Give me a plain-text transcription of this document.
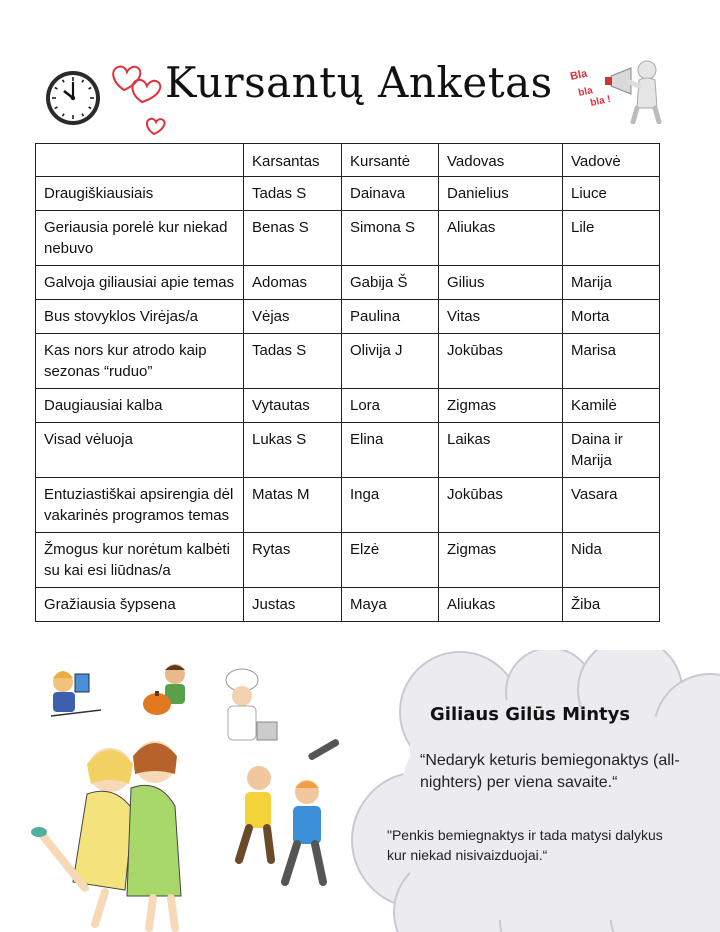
Kursantų Anketas Bla
bla
bla !
	Karsantas	Kursantė	Vadovas	Vadovė
Draugiškiausiais	Tadas S	Dainava	Danielius	Liuce
Geriausia porelė kur niekad nebuvo	Benas S	Simona S	Aliukas	Lile
Galvoja giliausiai apie temas	Adomas	Gabija Š	Gilius	Marija
Bus stovyklos Virėjas/a	Vėjas	Paulina	Vitas	Morta
Kas nors kur atrodo kaip sezonas “ruduo”	Tadas S	Olivija J	Jokūbas	Marisa
Daugiausiai kalba	Vytautas	Lora	Zigmas	Kamilė
Visad vėluoja	Lukas S	Elina	Laikas	Daina ir Marija
Entuziastiškai apsirengia dėl vakarinės programos temas	Matas M	Inga	Jokūbas	Vasara
Žmogus kur norėtum kalbėti su kai esi liūdnas/a	Rytas	Elzė	Zigmas	Nida
Gražiausia šypsena	Justas	Maya	Aliukas	Žiba
Giliaus Gilūs Mintys
“Nedaryk keturis bemiegonaktys (all-nighters) per viena savaite.“
"Penkis bemiegnaktys ir tada matysi dalykus kur niekad nisivaizduojai.“
